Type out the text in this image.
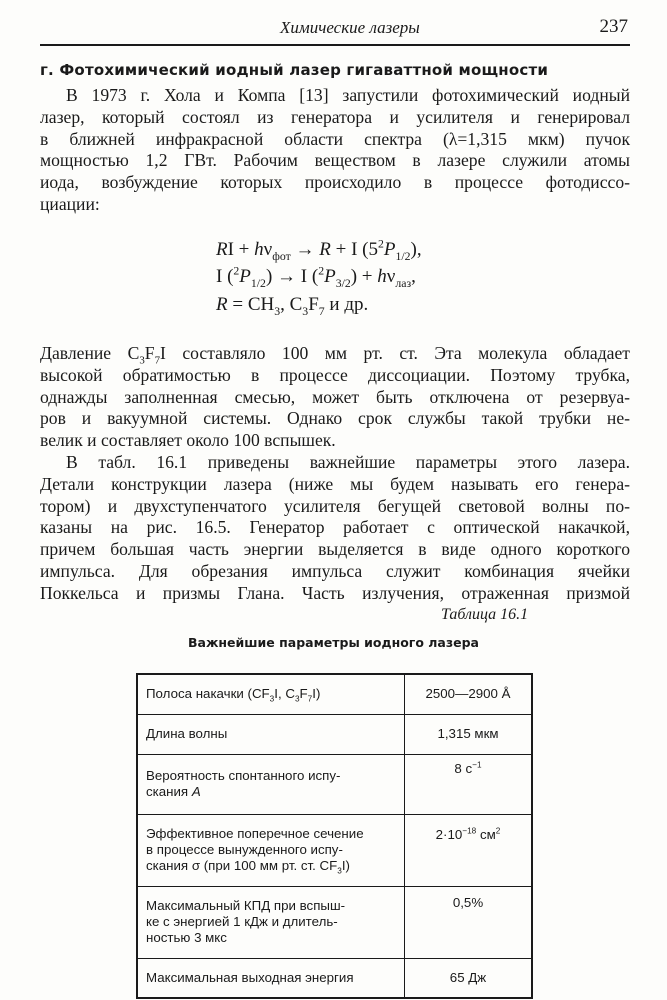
Химические лазеры	237
г. Фотохимический иодный лазер гигаваттной мощности
В 1973 г. Хола и Компа [13] запустили фотохимический иодный
лазер, который состоял из генератора и усилителя и генерировал
в ближней инфракрасной области спектра (λ=1,315 мкм) пучок
мощностью 1,2 ГВт. Рабочим веществом в лазере служили атомы
иода, возбуждение которых происходило в процессе фотодиссо-
циации:
RI + $h\nu_{фот} \to R + I$ $(5^2P_{1/2})$,
I $(^2P_{1/2}) \to I$ $(^2P_{3/2}) + h\nu_{лаз}$,
$R = CH_3$, $C_3F_7$ и др.
Давление $C_3F_7I$ составляло 100 мм рт. ст. Эта молекула обладает
высокой обратимостью в процессе диссоциации. Поэтому трубка,
однажды заполненная смесью, может быть отключена от резервуа-
ров и вакуумной системы. Однако срок службы такой трубки не-
велик и составляет около 100 вспышек.
В табл. 16.1 приведены важнейшие параметры этого лазера.
Детали конструкции лазера (ниже мы будем называть его генера-
тором) и двухступенчатого усилителя бегущей световой волны по-
казаны на рис. 16.5. Генератор работает с оптической накачкой,
причем большая часть энергии выделяется в виде одного короткого
импульса. Для обрезания импульса служит комбинация ячейки
Поккельса и призмы Глана. Часть излучения, отраженная призмой
Таблица 16.1
Важнейшие параметры иодного лазера
Полоса накачки ($CF_3I$, $C_3F_7I$)	2500—2900 Å
Длина волны	1,315 мкм
Вероятность спонтанного испу-
скания A	8 $с^{-1}$
Эффективное поперечное сечение
в процессе вынужденного испу-
скания σ (при 100 мм рт. ст. $CF_3I$)	$2\cdot 10^{-18}$ $см^2$
Максимальный КПД при вспыш-
ке с энергией 1 кДж и длитель-
ностью 3 мкс	0,5%
Максимальная выходная энергия	65 Дж
